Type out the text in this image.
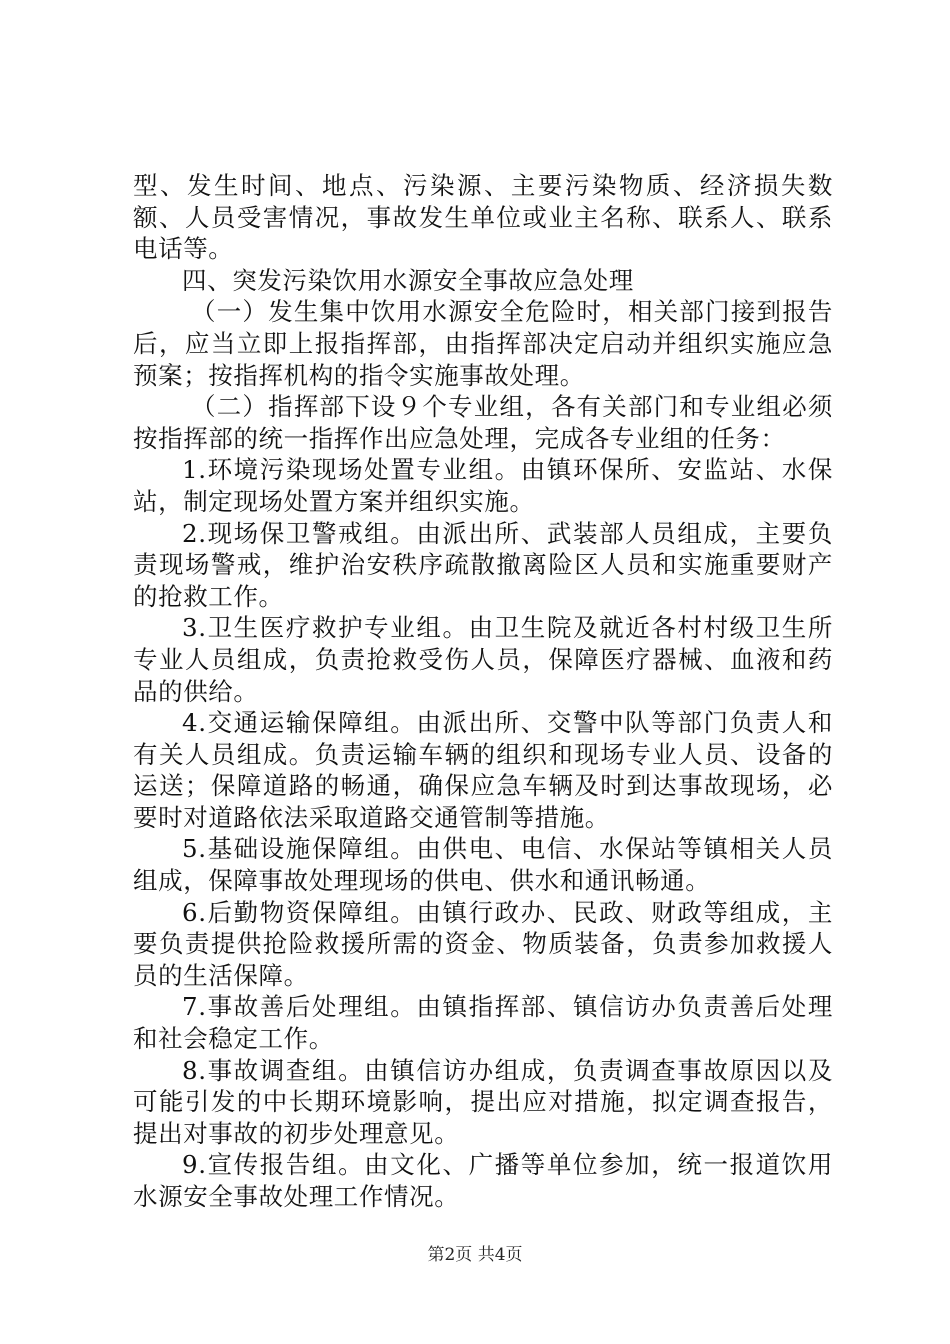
型、发生时间、地点、污染源、主要污染物质、经济损失数额、人员受害情况，事故发生单位或业主名称、联系人、联系电话等。

四、突发污染饮用水源安全事故应急处理

（一）发生集中饮用水源安全危险时，相关部门接到报告后，应当立即上报指挥部，由指挥部决定启动并组织实施应急预案；按指挥机构的指令实施事故处理。

（二）指挥部下设９个专业组，各有关部门和专业组必须按指挥部的统一指挥作出应急处理，完成各专业组的任务：

1.环境污染现场处置专业组。由镇环保所、安监站、水保站，制定现场处置方案并组织实施。

2.现场保卫警戒组。由派出所、武装部人员组成，主要负责现场警戒，维护治安秩序疏散撤离险区人员和实施重要财产的抢救工作。

3.卫生医疗救护专业组。由卫生院及就近各村村级卫生所专业人员组成，负责抢救受伤人员，保障医疗器械、血液和药品的供给。

4.交通运输保障组。由派出所、交警中队等部门负责人和有关人员组成。负责运输车辆的组织和现场专业人员、设备的运送；保障道路的畅通，确保应急车辆及时到达事故现场，必要时对道路依法采取道路交通管制等措施。

5.基础设施保障组。由供电、电信、水保站等镇相关人员组成，保障事故处理现场的供电、供水和通讯畅通。

6.后勤物资保障组。由镇行政办、民政、财政等组成，主要负责提供抢险救援所需的资金、物质装备，负责参加救援人员的生活保障。

7.事故善后处理组。由镇指挥部、镇信访办负责善后处理和社会稳定工作。

8.事故调查组。由镇信访办组成，负责调查事故原因以及可能引发的中长期环境影响，提出应对措施，拟定调查报告，提出对事故的初步处理意见。

9.宣传报告组。由文化、广播等单位参加，统一报道饮用水源安全事故处理工作情况。

第2页 共4页
